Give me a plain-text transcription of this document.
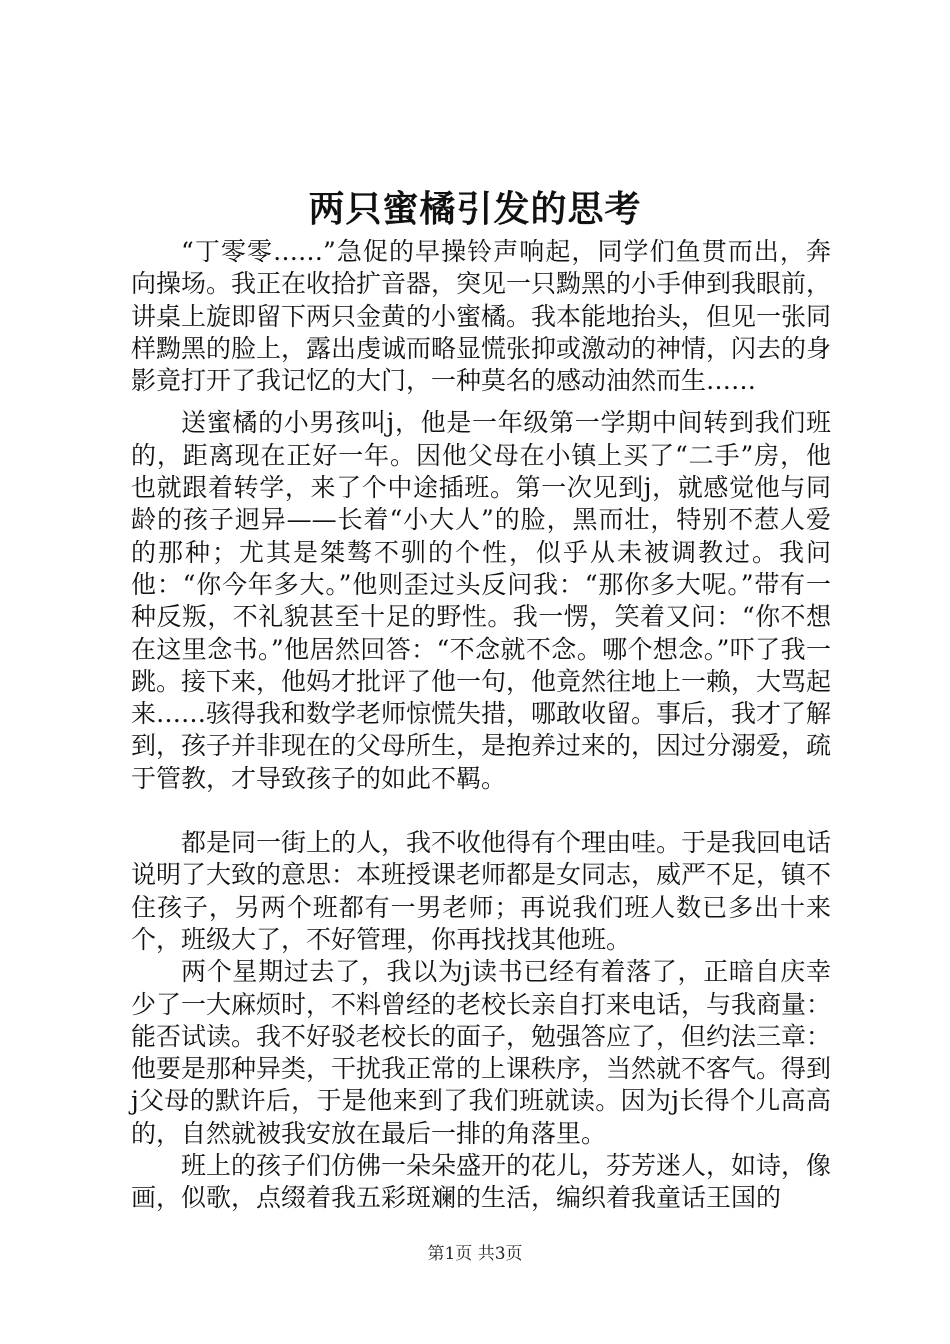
两只蜜橘引发的思考

“丁零零……”急促的早操铃声响起，同学们鱼贯而出，奔向操场。我正在收拾扩音器，突见一只黝黑的小手伸到我眼前，讲桌上旋即留下两只金黄的小蜜橘。我本能地抬头，但见一张同样黝黑的脸上，露出虔诚而略显慌张抑或激动的神情，闪去的身影竟打开了我记忆的大门，一种莫名的感动油然而生……

送蜜橘的小男孩叫j，他是一年级第一学期中间转到我们班的，距离现在正好一年。因他父母在小镇上买了“二手”房，他也就跟着转学，来了个中途插班。第一次见到j，就感觉他与同龄的孩子迥异——长着“小大人”的脸，黑而壮，特别不惹人爱的那种；尤其是桀骜不驯的个性，似乎从未被调教过。我问他：“你今年多大。”他则歪过头反问我：“那你多大呢。”带有一种反叛，不礼貌甚至十足的野性。我一愣，笑着又问：“你不想在这里念书。”他居然回答：“不念就不念。哪个想念。”吓了我一跳。接下来，他妈才批评了他一句，他竟然往地上一赖，大骂起来……骇得我和数学老师惊慌失措，哪敢收留。事后，我才了解到，孩子并非现在的父母所生，是抱养过来的，因过分溺爱，疏于管教，才导致孩子的如此不羁。

都是同一街上的人，我不收他得有个理由哇。于是我回电话说明了大致的意思：本班授课老师都是女同志，威严不足，镇不住孩子，另两个班都有一男老师；再说我们班人数已多出十来个，班级大了，不好管理，你再找找其他班。

两个星期过去了，我以为j读书已经有着落了，正暗自庆幸少了一大麻烦时，不料曾经的老校长亲自打来电话，与我商量：能否试读。我不好驳老校长的面子，勉强答应了，但约法三章：他要是那种异类，干扰我正常的上课秩序，当然就不客气。得到j父母的默许后，于是他来到了我们班就读。因为j长得个儿高高的，自然就被我安放在最后一排的角落里。

班上的孩子们仿佛一朵朵盛开的花儿，芬芳迷人，如诗，像画，似歌，点缀着我五彩斑斓的生活，编织着我童话王国的

第1页 共3页
